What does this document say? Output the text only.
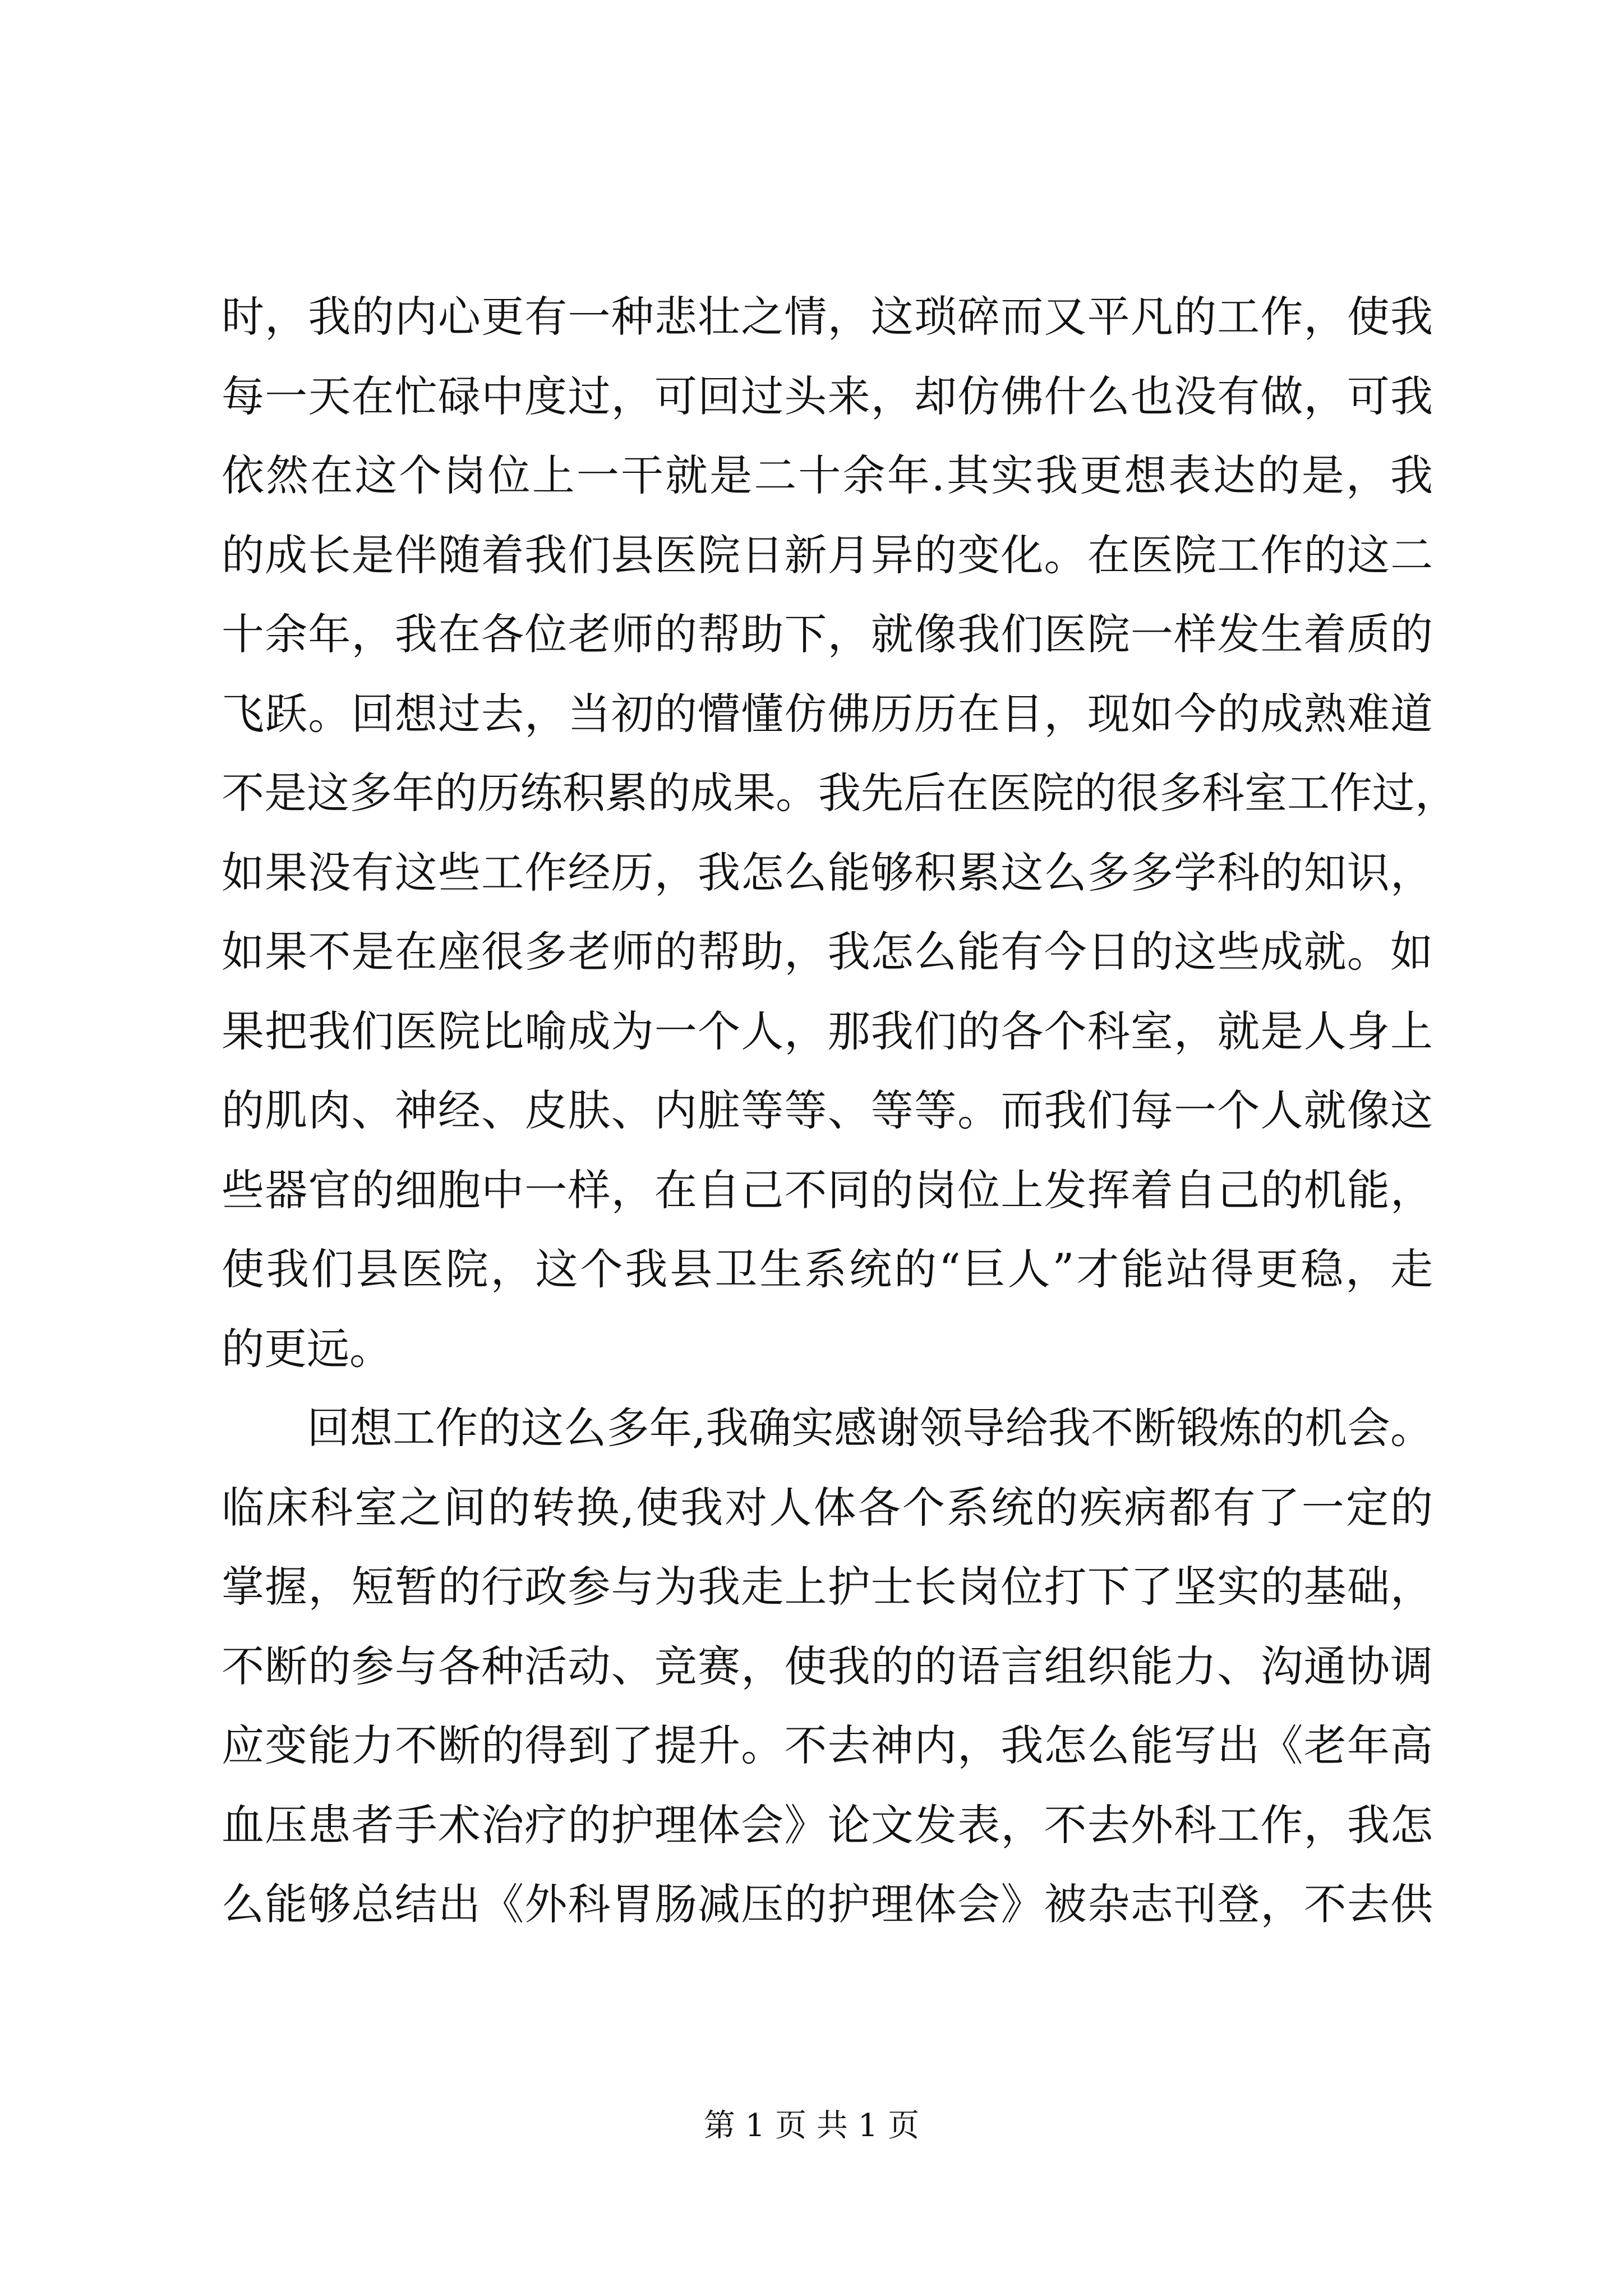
时，我的内心更有一种悲壮之情，这琐碎而又平凡的工作，使我
每一天在忙碌中度过，可回过头来，却仿佛什么也没有做，可我
依然在这个岗位上一干就是二十余年.其实我更想表达的是，我
的成长是伴随着我们县医院日新月异的变化。在医院工作的这二
十余年，我在各位老师的帮助下，就像我们医院一样发生着质的
飞跃。回想过去，当初的懵懂仿佛历历在目，现如今的成熟难道
不是这多年的历练积累的成果。我先后在医院的很多科室工作过，
如果没有这些工作经历，我怎么能够积累这么多多学科的知识，
如果不是在座很多老师的帮助，我怎么能有今日的这些成就。如
果把我们医院比喻成为一个人，那我们的各个科室，就是人身上
的肌肉、神经、皮肤、内脏等等、等等。而我们每一个人就像这
些器官的细胞中一样，在自己不同的岗位上发挥着自己的机能，
使我们县医院，这个我县卫生系统的“巨人”才能站得更稳，走
的更远。
　　回想工作的这么多年,我确实感谢领导给我不断锻炼的机会。
临床科室之间的转换,使我对人体各个系统的疾病都有了一定的
掌握，短暂的行政参与为我走上护士长岗位打下了坚实的基础，
不断的参与各种活动、竞赛，使我的的语言组织能力、沟通协调
应变能力不断的得到了提升。不去神内，我怎么能写出《老年高
血压患者手术治疗的护理体会》论文发表，不去外科工作，我怎
么能够总结出《外科胃肠减压的护理体会》被杂志刊登，不去供
第 1 页 共 1 页
